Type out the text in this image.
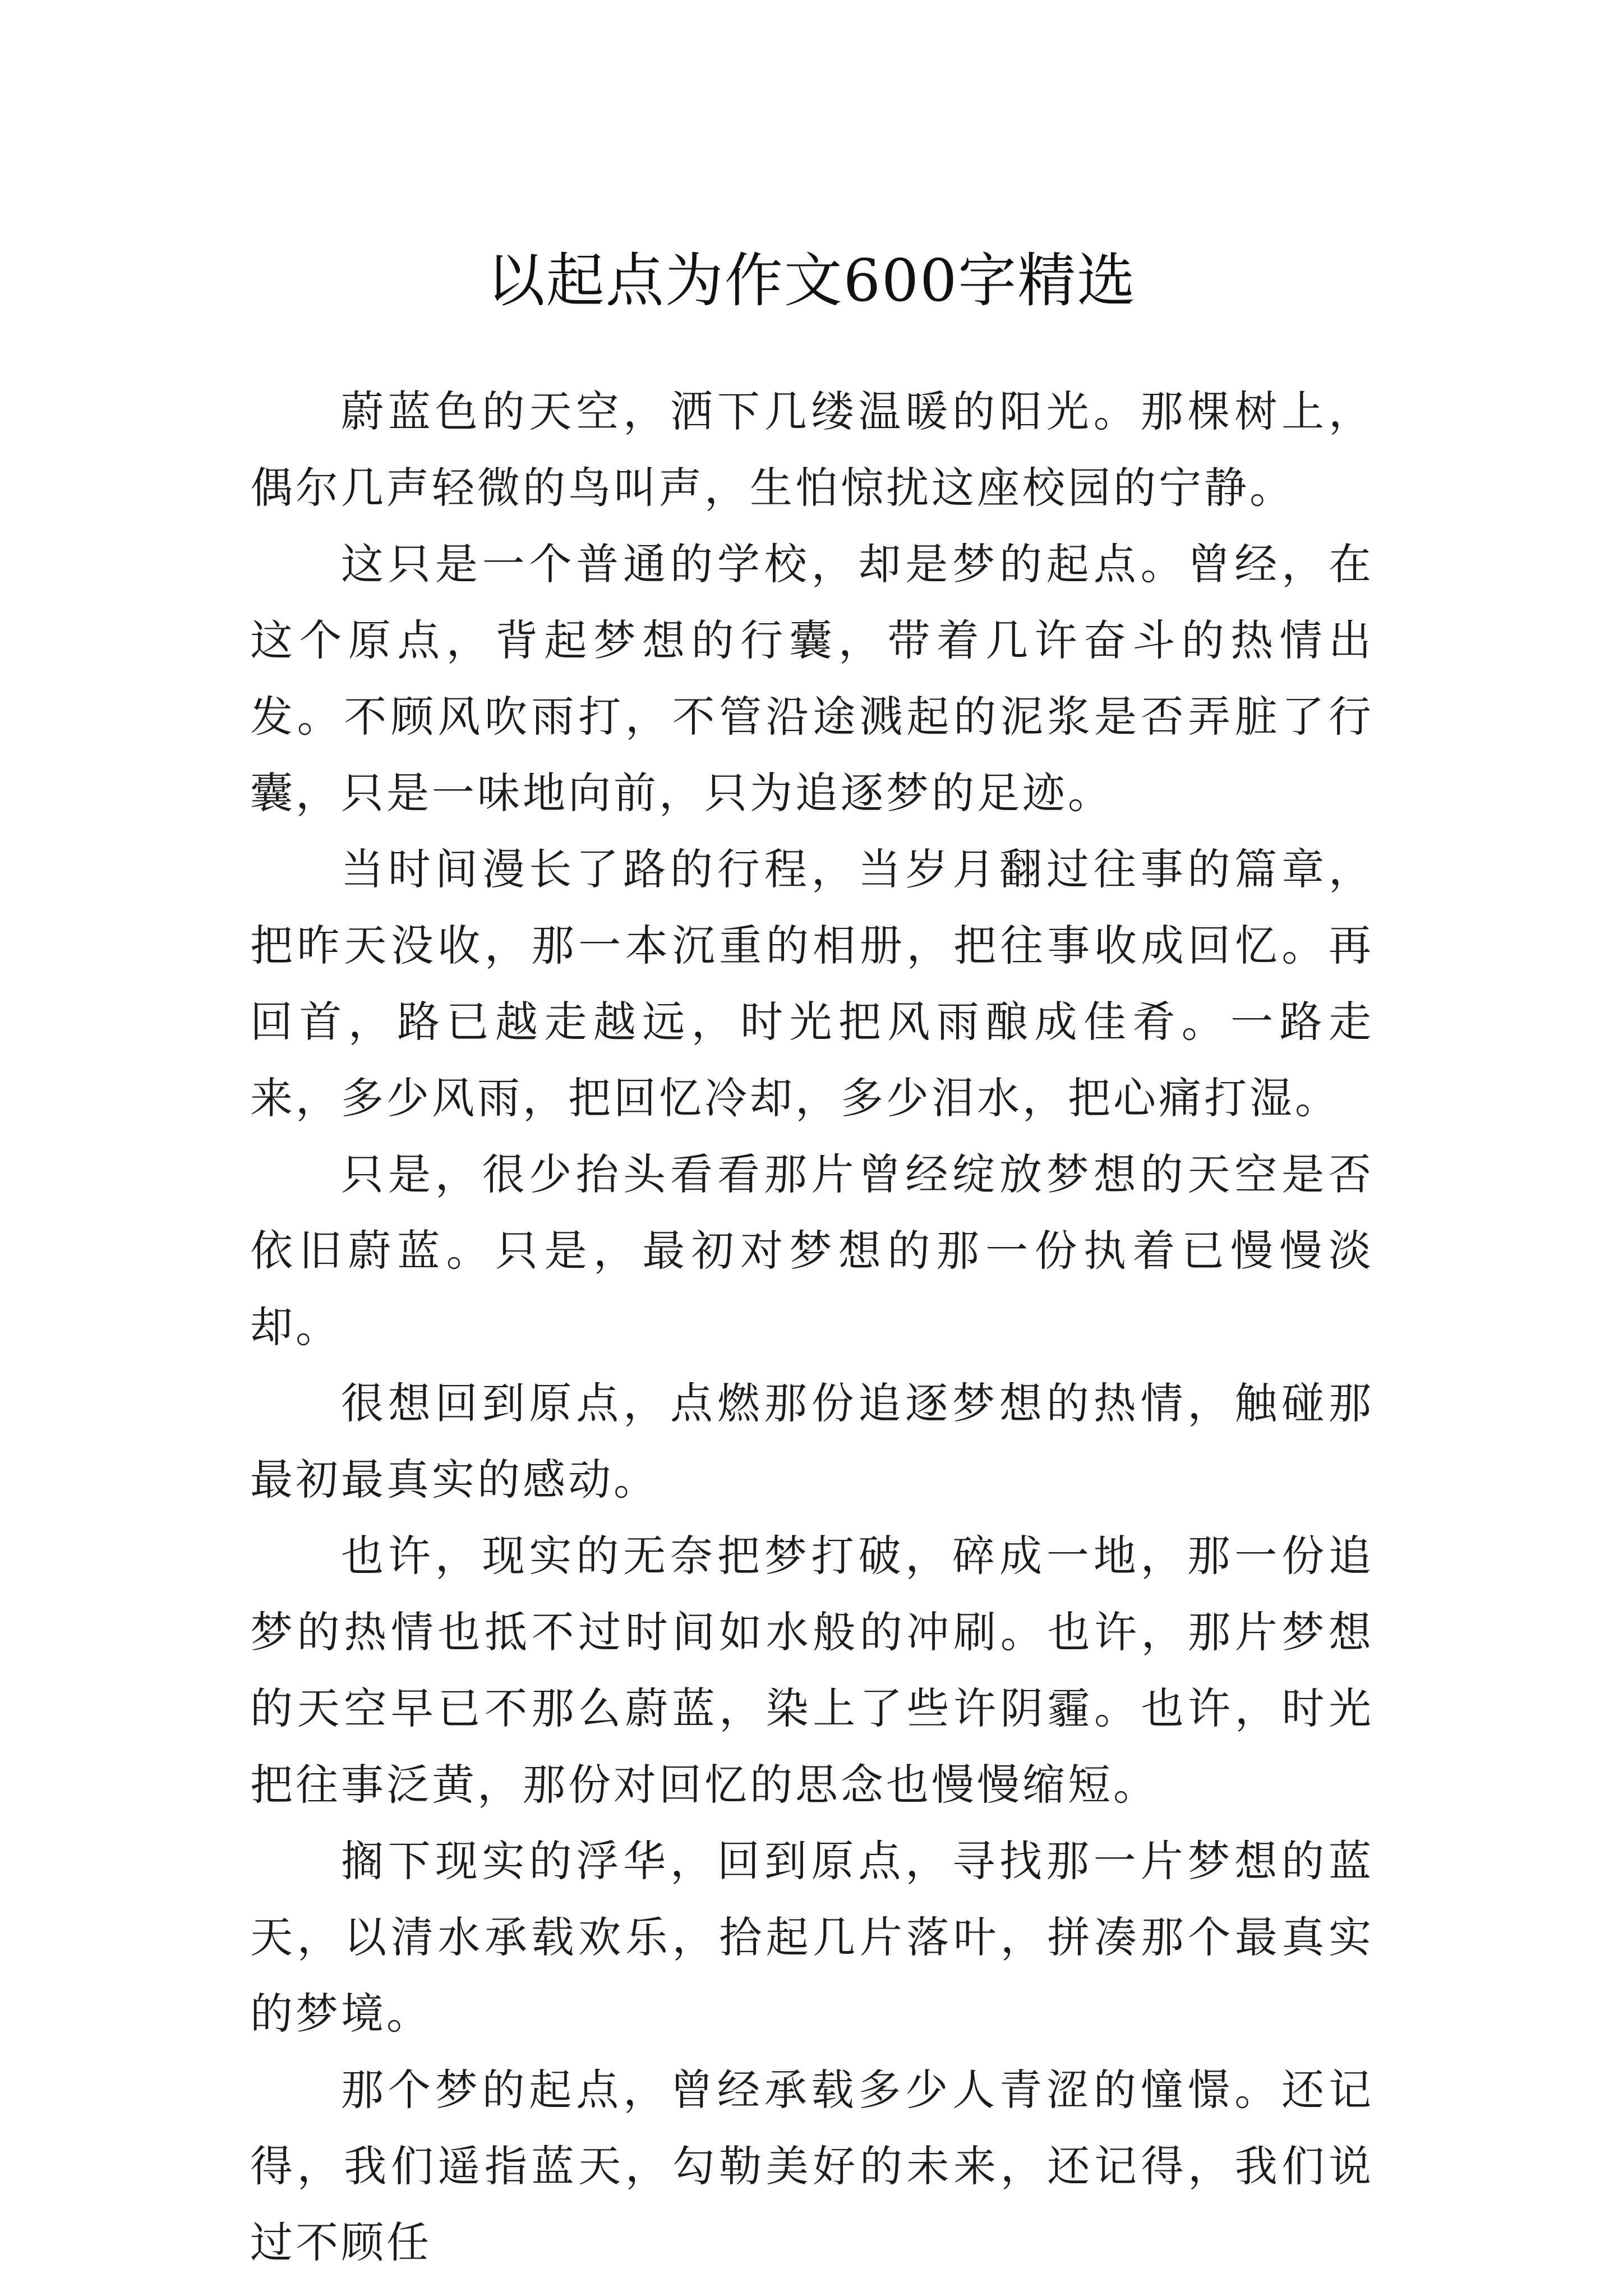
以起点为作文600字精选

蔚蓝色的天空，洒下几缕温暖的阳光。那棵树上，偶尔几声轻微的鸟叫声，生怕惊扰这座校园的宁静。

这只是一个普通的学校，却是梦的起点。曾经，在这个原点，背起梦想的行囊，带着几许奋斗的热情出发。不顾风吹雨打，不管沿途溅起的泥浆是否弄脏了行囊，只是一味地向前，只为追逐梦的足迹。

当时间漫长了路的行程，当岁月翻过往事的篇章，把昨天没收，那一本沉重的相册，把往事收成回忆。再回首，路已越走越远，时光把风雨酿成佳肴。一路走来，多少风雨，把回忆冷却，多少泪水，把心痛打湿。

只是，很少抬头看看那片曾经绽放梦想的天空是否依旧蔚蓝。只是，最初对梦想的那一份执着已慢慢淡却。

很想回到原点，点燃那份追逐梦想的热情，触碰那最初最真实的感动。

也许，现实的无奈把梦打破，碎成一地，那一份追梦的热情也抵不过时间如水般的冲刷。也许，那片梦想的天空早已不那么蔚蓝，染上了些许阴霾。也许，时光把往事泛黄，那份对回忆的思念也慢慢缩短。

搁下现实的浮华，回到原点，寻找那一片梦想的蓝天，以清水承载欢乐，拾起几片落叶，拼凑那个最真实的梦境。

那个梦的起点，曾经承载多少人青涩的憧憬。还记得，我们遥指蓝天，勾勒美好的未来，还记得，我们说过不顾任
